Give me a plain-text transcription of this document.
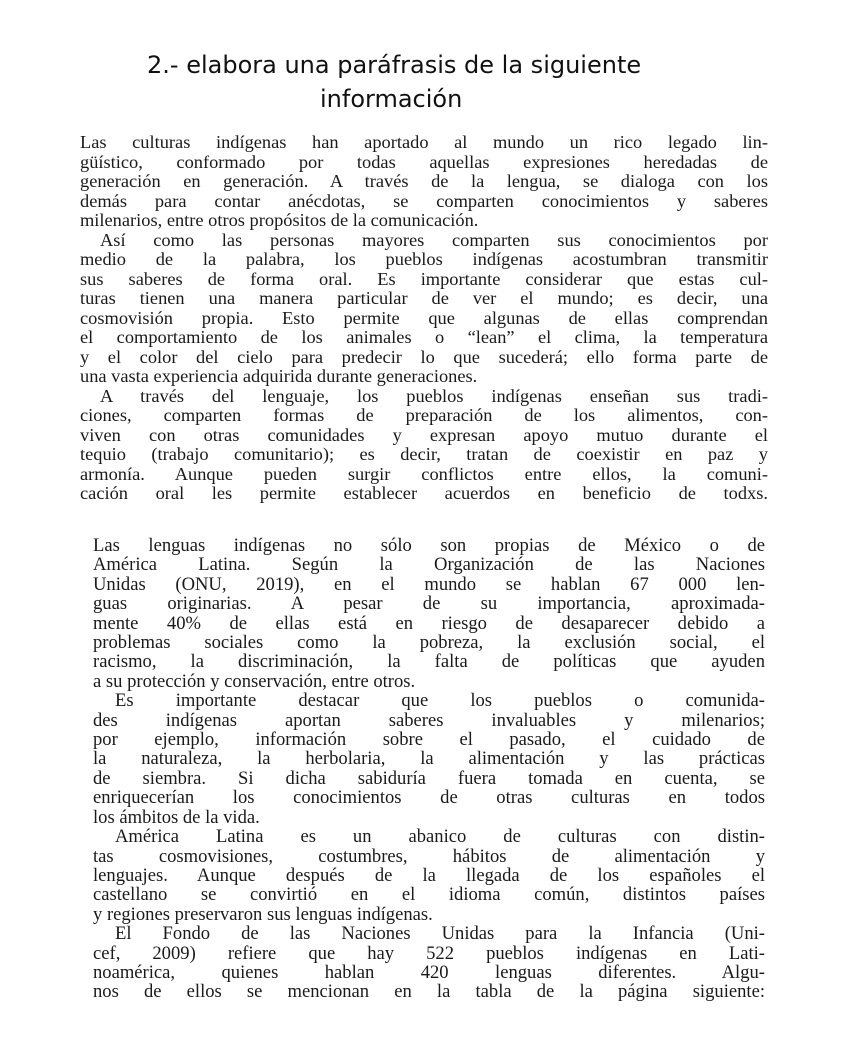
2.- elabora una paráfrasis de la siguiente
información
Las culturas indígenas han aportado al mundo un rico legado lin-
güístico, conformado por todas aquellas expresiones heredadas de
generación en generación. A través de la lengua, se dialoga con los
demás para contar anécdotas, se comparten conocimientos y saberes
milenarios, entre otros propósitos de la comunicación.
Así como las personas mayores comparten sus conocimientos por
medio de la palabra, los pueblos indígenas acostumbran transmitir
sus saberes de forma oral. Es importante considerar que estas cul-
turas tienen una manera particular de ver el mundo; es decir, una
cosmovisión propia. Esto permite que algunas de ellas comprendan
el comportamiento de los animales o “lean” el clima, la temperatura
y el color del cielo para predecir lo que sucederá; ello forma parte de
una vasta experiencia adquirida durante generaciones.
A través del lenguaje, los pueblos indígenas enseñan sus tradi-
ciones, comparten formas de preparación de los alimentos, con-
viven con otras comunidades y expresan apoyo mutuo durante el
tequio (trabajo comunitario); es decir, tratan de coexistir en paz y
armonía. Aunque pueden surgir conflictos entre ellos, la comuni-
cación oral les permite establecer acuerdos en beneficio de todxs.
Las lenguas indígenas no sólo son propias de México o de
América Latina. Según la Organización de las Naciones
Unidas (ONU, 2019), en el mundo se hablan 67 000 len-
guas originarias. A pesar de su importancia, aproximada-
mente 40% de ellas está en riesgo de desaparecer debido a
problemas sociales como la pobreza, la exclusión social, el
racismo, la discriminación, la falta de políticas que ayuden
a su protección y conservación, entre otros.
Es importante destacar que los pueblos o comunida-
des indígenas aportan saberes invaluables y milenarios;
por ejemplo, información sobre el pasado, el cuidado de
la naturaleza, la herbolaria, la alimentación y las prácticas
de siembra. Si dicha sabiduría fuera tomada en cuenta, se
enriquecerían los conocimientos de otras culturas en todos
los ámbitos de la vida.
América Latina es un abanico de culturas con distin-
tas cosmovisiones, costumbres, hábitos de alimentación y
lenguajes. Aunque después de la llegada de los españoles el
castellano se convirtió en el idioma común, distintos países
y regiones preservaron sus lenguas indígenas.
El Fondo de las Naciones Unidas para la Infancia (Uni-
cef, 2009) refiere que hay 522 pueblos indígenas en Lati-
noamérica, quienes hablan 420 lenguas diferentes. Algu-
nos de ellos se mencionan en la tabla de la página siguiente:
